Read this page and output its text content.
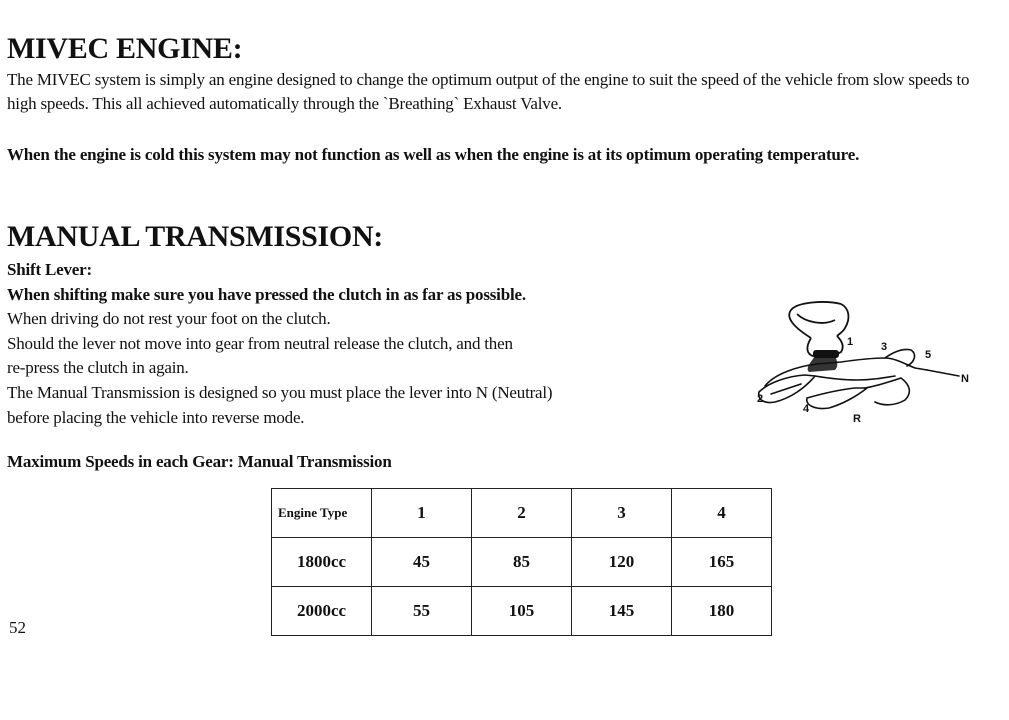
MIVEC ENGINE:
The MIVEC system is simply an engine designed to change the optimum output of the engine to suit the speed of the vehicle from slow speeds to high speeds. This all achieved automatically through the `Breathing` Exhaust Valve.
When the engine is cold this system may not function as well as when the engine is at its optimum operating temperature.
MANUAL TRANSMISSION:
Shift Lever:
When shifting make sure you have pressed the clutch in as far as possible.
When driving do not rest your foot on the clutch.
Should the lever not move into gear from neutral release the clutch, and then
re-press the clutch in again.
The Manual Transmission is designed so you must place the lever into N (Neutral)
before placing the vehicle into reverse mode.
1
2
3
4
5
N
R
Maximum Speeds in each Gear: Manual Transmission
Engine Type	1	2	3	4
1800cc	45	85	120	165
2000cc	55	105	145	180
52
